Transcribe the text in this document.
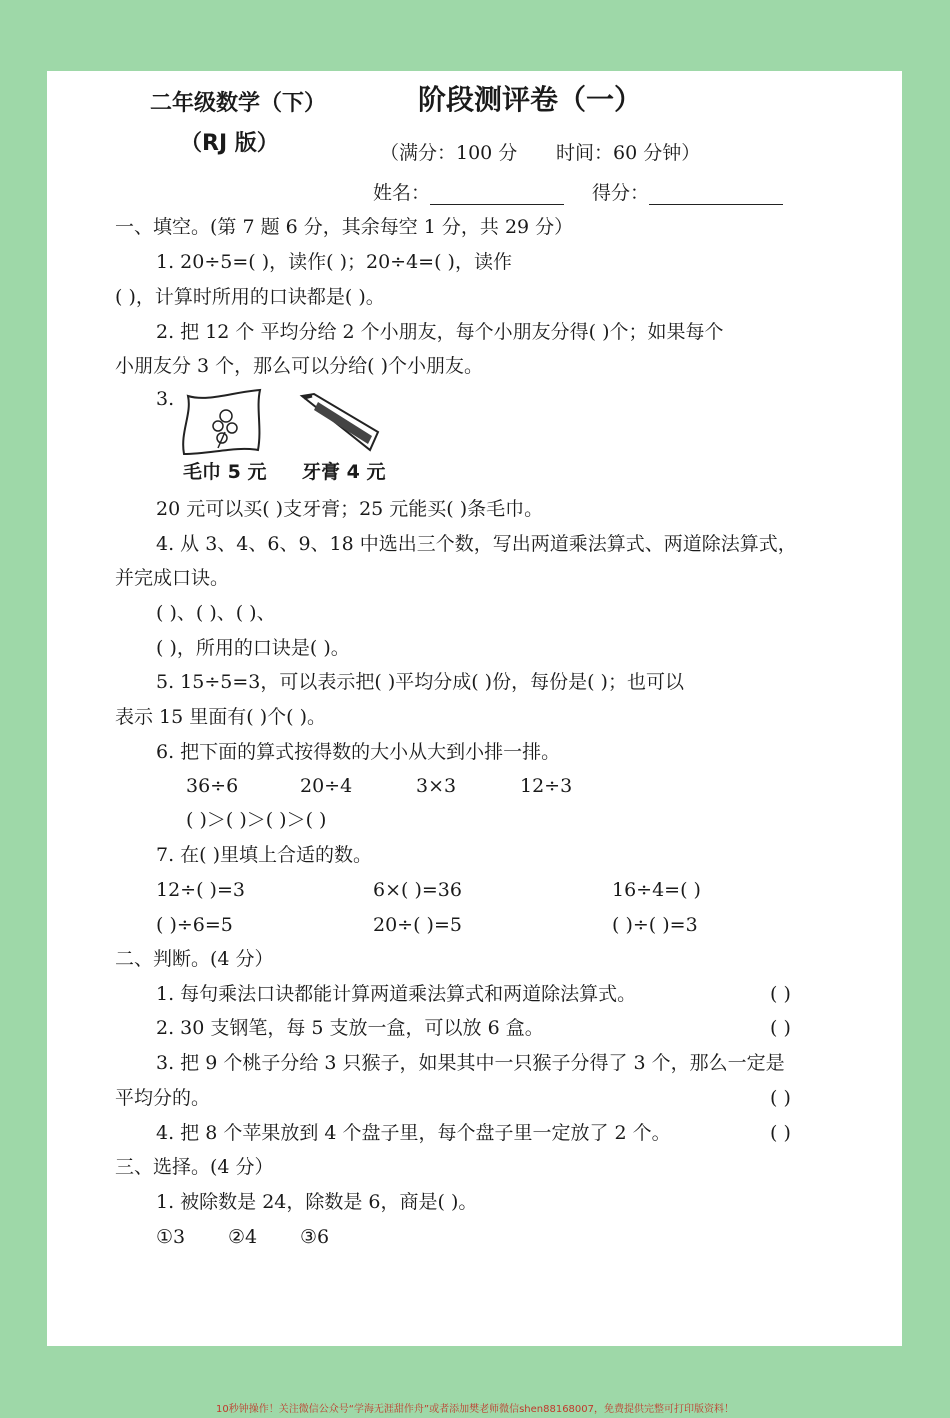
二年级数学（下）
（RJ 版）
阶段测评卷（一）
（满分：100 分 时间：60 分钟）
姓名：	得分：
一、填空。(第 7 题 6 分，其余每空 1 分，共 29 分）
1. 20÷5=( )，读作( )；20÷4=( )，读作
( )，计算时所用的口诀都是( )。
2. 把 12 个 平均分给 2 个小朋友，每个小朋友分得( )个；如果每个
小朋友分 3 个，那么可以分给( )个小朋友。
3.
毛巾 5 元 牙膏 4 元
20 元可以买( )支牙膏；25 元能买( )条毛巾。
4. 从 3、4、6、9、18 中选出三个数，写出两道乘法算式、两道除法算式，
并完成口诀。
( )、( )、( )、
( )，所用的口诀是( )。
5. 15÷5=3，可以表示把( )平均分成( )份，每份是( )；也可以
表示 15 里面有( )个( )。
6. 把下面的算式按得数的大小从大到小排一排。
36÷6	20÷4	3×3	12÷3
( )＞( )＞( )＞( )
7. 在( )里填上合适的数。
12÷( )=3	6×( )=36	16÷4=( )
( )÷6=5	20÷( )=5	( )÷( )=3
二、判断。(4 分）
1. 每句乘法口诀都能计算两道乘法算式和两道除法算式。	( )
2. 30 支钢笔，每 5 支放一盒，可以放 6 盒。	( )
3. 把 9 个桃子分给 3 只猴子，如果其中一只猴子分得了 3 个，那么一定是
平均分的。	( )
4. 把 8 个苹果放到 4 个盘子里，每个盘子里一定放了 2 个。	( )
三、选择。(4 分）
1. 被除数是 24，除数是 6，商是( )。
①3 ②4 ③6
10秒钟操作！关注微信公众号“学海无涯甜作舟”或者添加樊老师微信shen88168007，免费提供完整可打印版资料！
